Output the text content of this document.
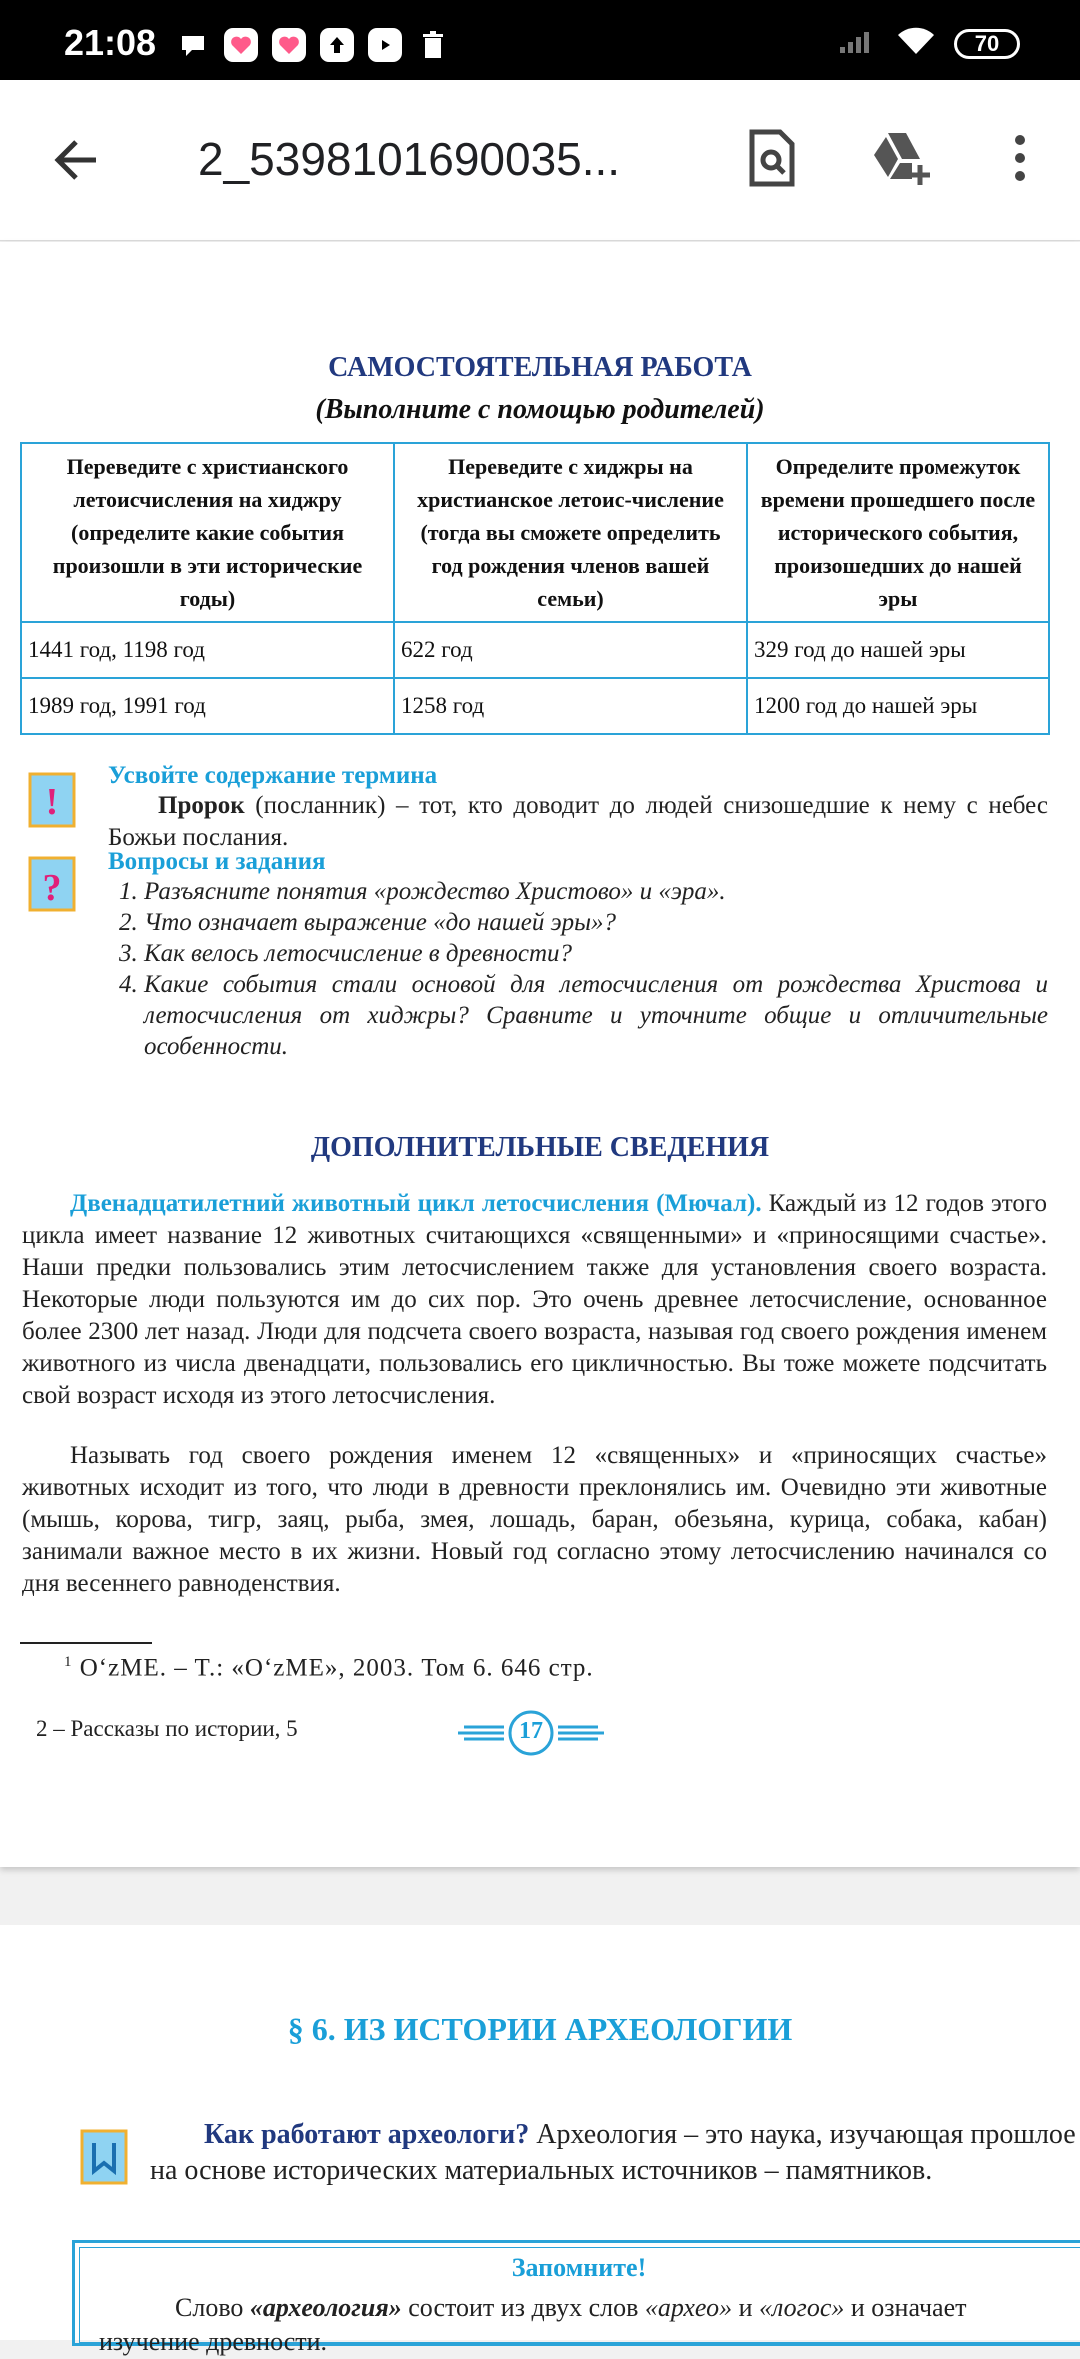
21:08	70
2_5398101690035...
САМОСТОЯТЕЛЬНАЯ РАБОТА
(Выполните с помощью родителей)
Переведите с христианского летоисчисления на хиджру (определите какие события произошли в эти исторические годы)	Переведите с хиджры на христианское летоис-числение (тогда вы сможете определить год рождения членов вашей семьи)	Определите промежуток времени прошедшего после исторического события, произошедших до нашей эры
1441 год, 1198 год	622 год	329 год до нашей эры
1989 год, 1991 год	1258 год	1200 год до нашей эры
!
Усвойте содержание термина
Пророк (посланник) – тот, кто доводит до людей снизошедшие к нему с небес Божьи послания.
?
Вопросы и задания
1. Разъясните понятия «рождество Христово» и «эра».
2. Что означает выражение «до нашей эры»?
3. Как велось летосчисление в древности?
4. Какие события стали основой для летосчисления от рождества Христова и летосчисления от хиджры? Сравните и уточните общие и отличительные особенности.
ДОПОЛНИТЕЛЬНЫЕ СВЕДЕНИЯ
Двенадцатилетний животный цикл летосчисления (Мючал). Каждый из 12 годов этого цикла имеет название 12 животных считающихся «священными» и «приносящими счастье». Наши предки пользовались этим летосчислением также для установления своего возраста. Некоторые люди пользуются им до сих пор. Это очень древнее летосчисление, основанное более 2300 лет назад. Люди для подсчета своего возраста, называя год своего рождения именем животного из числа двенадцати, пользовались его цикличностью. Вы тоже можете подсчитать свой возраст исходя из этого летосчисления.
Называть год своего рождения именем 12 «священных» и «приносящих счастье» животных исходит из того, что люди в древности преклонялись им. Очевидно эти животные (мышь, корова, тигр, заяц, рыба, змея, лошадь, баран, обезьяна, курица, собака, кабан) занимали важное место в их жизни. Новый год согласно этому летосчислению начинался со дня весеннего равноденствия.
$^1$ O‘zME. – T.: «O‘zME», 2003. Том 6. 646 стр.
2 – Рассказы по истории, 5	17
§ 6. ИЗ ИСТОРИИ АРХЕОЛОГИИ
Как работают археологи? Археология – это наука, изучающая прошлое на основе исторических материальных источников – памятников.
Запомните!
Слово «археология» состоит из двух слов «архео» и «логос» и означает изучение древности.
